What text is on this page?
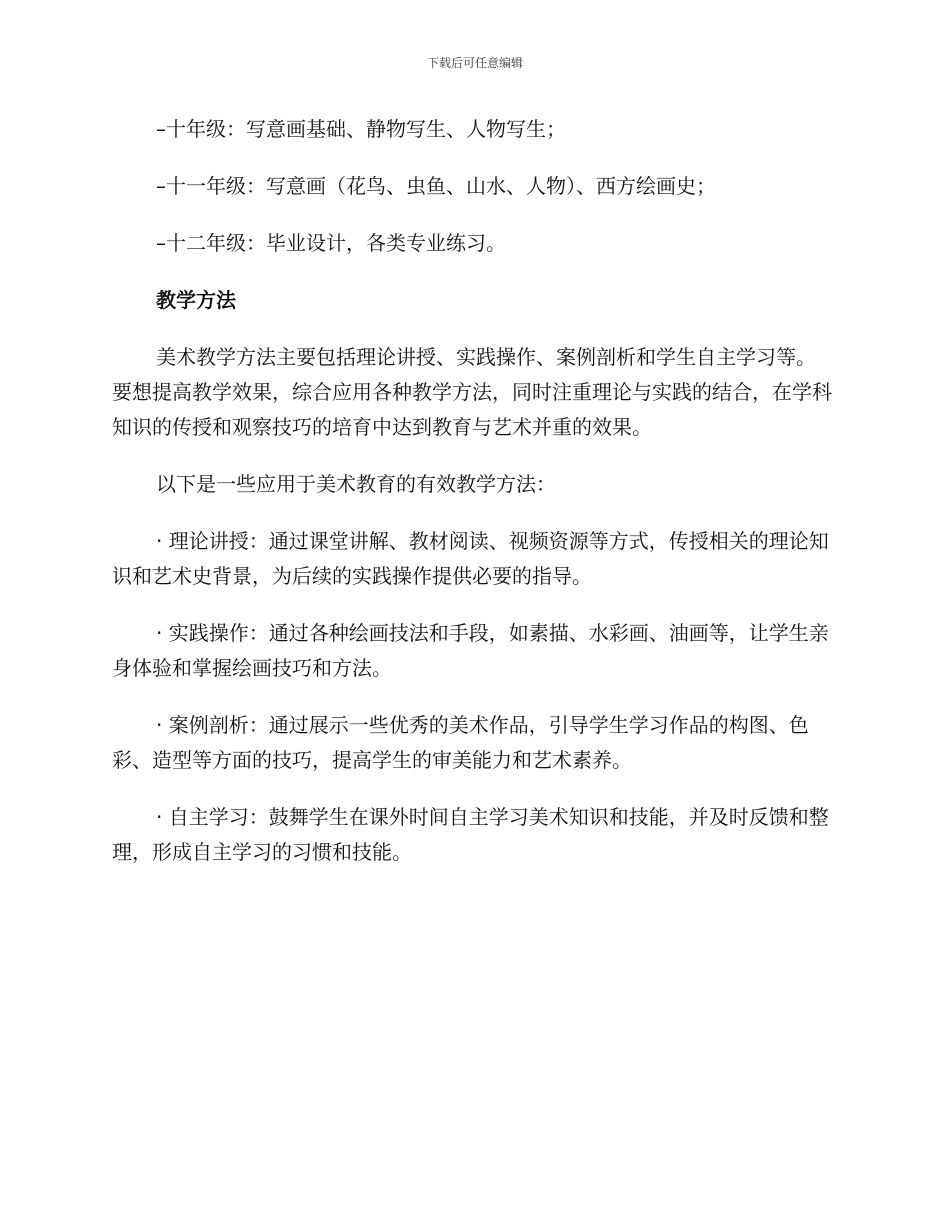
下载后可任意编辑
–十年级：写意画基础、静物写生、人物写生；
–十一年级：写意画（花鸟、虫鱼、山水、人物）、西方绘画史；
–十二年级：毕业设计，各类专业练习。
教学方法

美术教学方法主要包括理论讲授、实践操作、案例剖析和学生自主学习等。要想提高教学效果，综合应用各种教学方法，同时注重理论与实践的结合，在学科知识的传授和观察技巧的培育中达到教育与艺术并重的效果。

以下是一些应用于美术教育的有效教学方法：

· 理论讲授：通过课堂讲解、教材阅读、视频资源等方式，传授相关的理论知识和艺术史背景，为后续的实践操作提供必要的指导。

· 实践操作：通过各种绘画技法和手段，如素描、水彩画、油画等，让学生亲身体验和掌握绘画技巧和方法。

· 案例剖析：通过展示一些优秀的美术作品，引导学生学习作品的构图、色彩、造型等方面的技巧，提高学生的审美能力和艺术素养。

· 自主学习：鼓舞学生在课外时间自主学习美术知识和技能，并及时反馈和整理，形成自主学习的习惯和技能。
